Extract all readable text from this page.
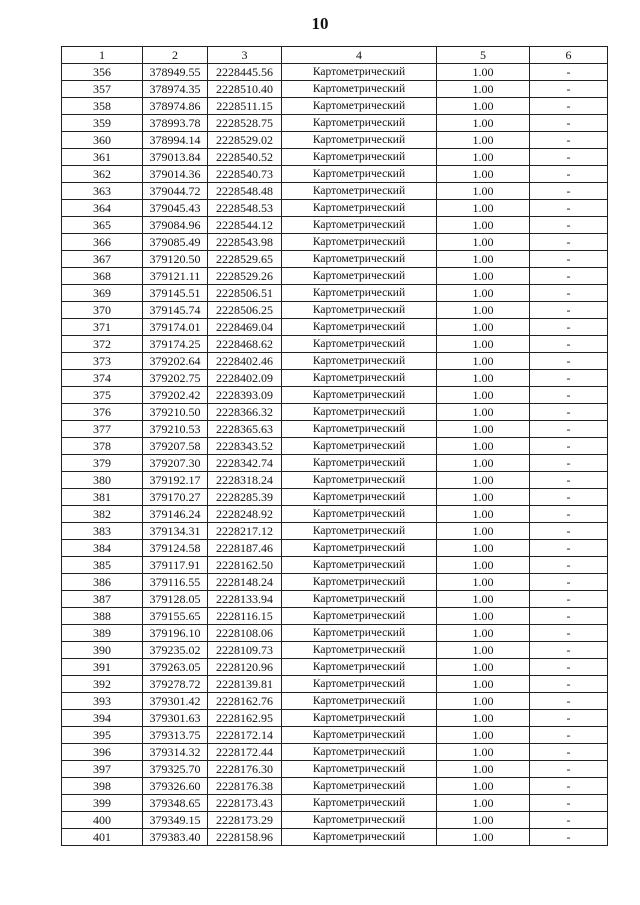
10
1	2	3	4	5	6
356	378949.55	2228445.56	Картометрический	1.00	-
357	378974.35	2228510.40	Картометрический	1.00	-
358	378974.86	2228511.15	Картометрический	1.00	-
359	378993.78	2228528.75	Картометрический	1.00	-
360	378994.14	2228529.02	Картометрический	1.00	-
361	379013.84	2228540.52	Картометрический	1.00	-
362	379014.36	2228540.73	Картометрический	1.00	-
363	379044.72	2228548.48	Картометрический	1.00	-
364	379045.43	2228548.53	Картометрический	1.00	-
365	379084.96	2228544.12	Картометрический	1.00	-
366	379085.49	2228543.98	Картометрический	1.00	-
367	379120.50	2228529.65	Картометрический	1.00	-
368	379121.11	2228529.26	Картометрический	1.00	-
369	379145.51	2228506.51	Картометрический	1.00	-
370	379145.74	2228506.25	Картометрический	1.00	-
371	379174.01	2228469.04	Картометрический	1.00	-
372	379174.25	2228468.62	Картометрический	1.00	-
373	379202.64	2228402.46	Картометрический	1.00	-
374	379202.75	2228402.09	Картометрический	1.00	-
375	379202.42	2228393.09	Картометрический	1.00	-
376	379210.50	2228366.32	Картометрический	1.00	-
377	379210.53	2228365.63	Картометрический	1.00	-
378	379207.58	2228343.52	Картометрический	1.00	-
379	379207.30	2228342.74	Картометрический	1.00	-
380	379192.17	2228318.24	Картометрический	1.00	-
381	379170.27	2228285.39	Картометрический	1.00	-
382	379146.24	2228248.92	Картометрический	1.00	-
383	379134.31	2228217.12	Картометрический	1.00	-
384	379124.58	2228187.46	Картометрический	1.00	-
385	379117.91	2228162.50	Картометрический	1.00	-
386	379116.55	2228148.24	Картометрический	1.00	-
387	379128.05	2228133.94	Картометрический	1.00	-
388	379155.65	2228116.15	Картометрический	1.00	-
389	379196.10	2228108.06	Картометрический	1.00	-
390	379235.02	2228109.73	Картометрический	1.00	-
391	379263.05	2228120.96	Картометрический	1.00	-
392	379278.72	2228139.81	Картометрический	1.00	-
393	379301.42	2228162.76	Картометрический	1.00	-
394	379301.63	2228162.95	Картометрический	1.00	-
395	379313.75	2228172.14	Картометрический	1.00	-
396	379314.32	2228172.44	Картометрический	1.00	-
397	379325.70	2228176.30	Картометрический	1.00	-
398	379326.60	2228176.38	Картометрический	1.00	-
399	379348.65	2228173.43	Картометрический	1.00	-
400	379349.15	2228173.29	Картометрический	1.00	-
401	379383.40	2228158.96	Картометрический	1.00	-
